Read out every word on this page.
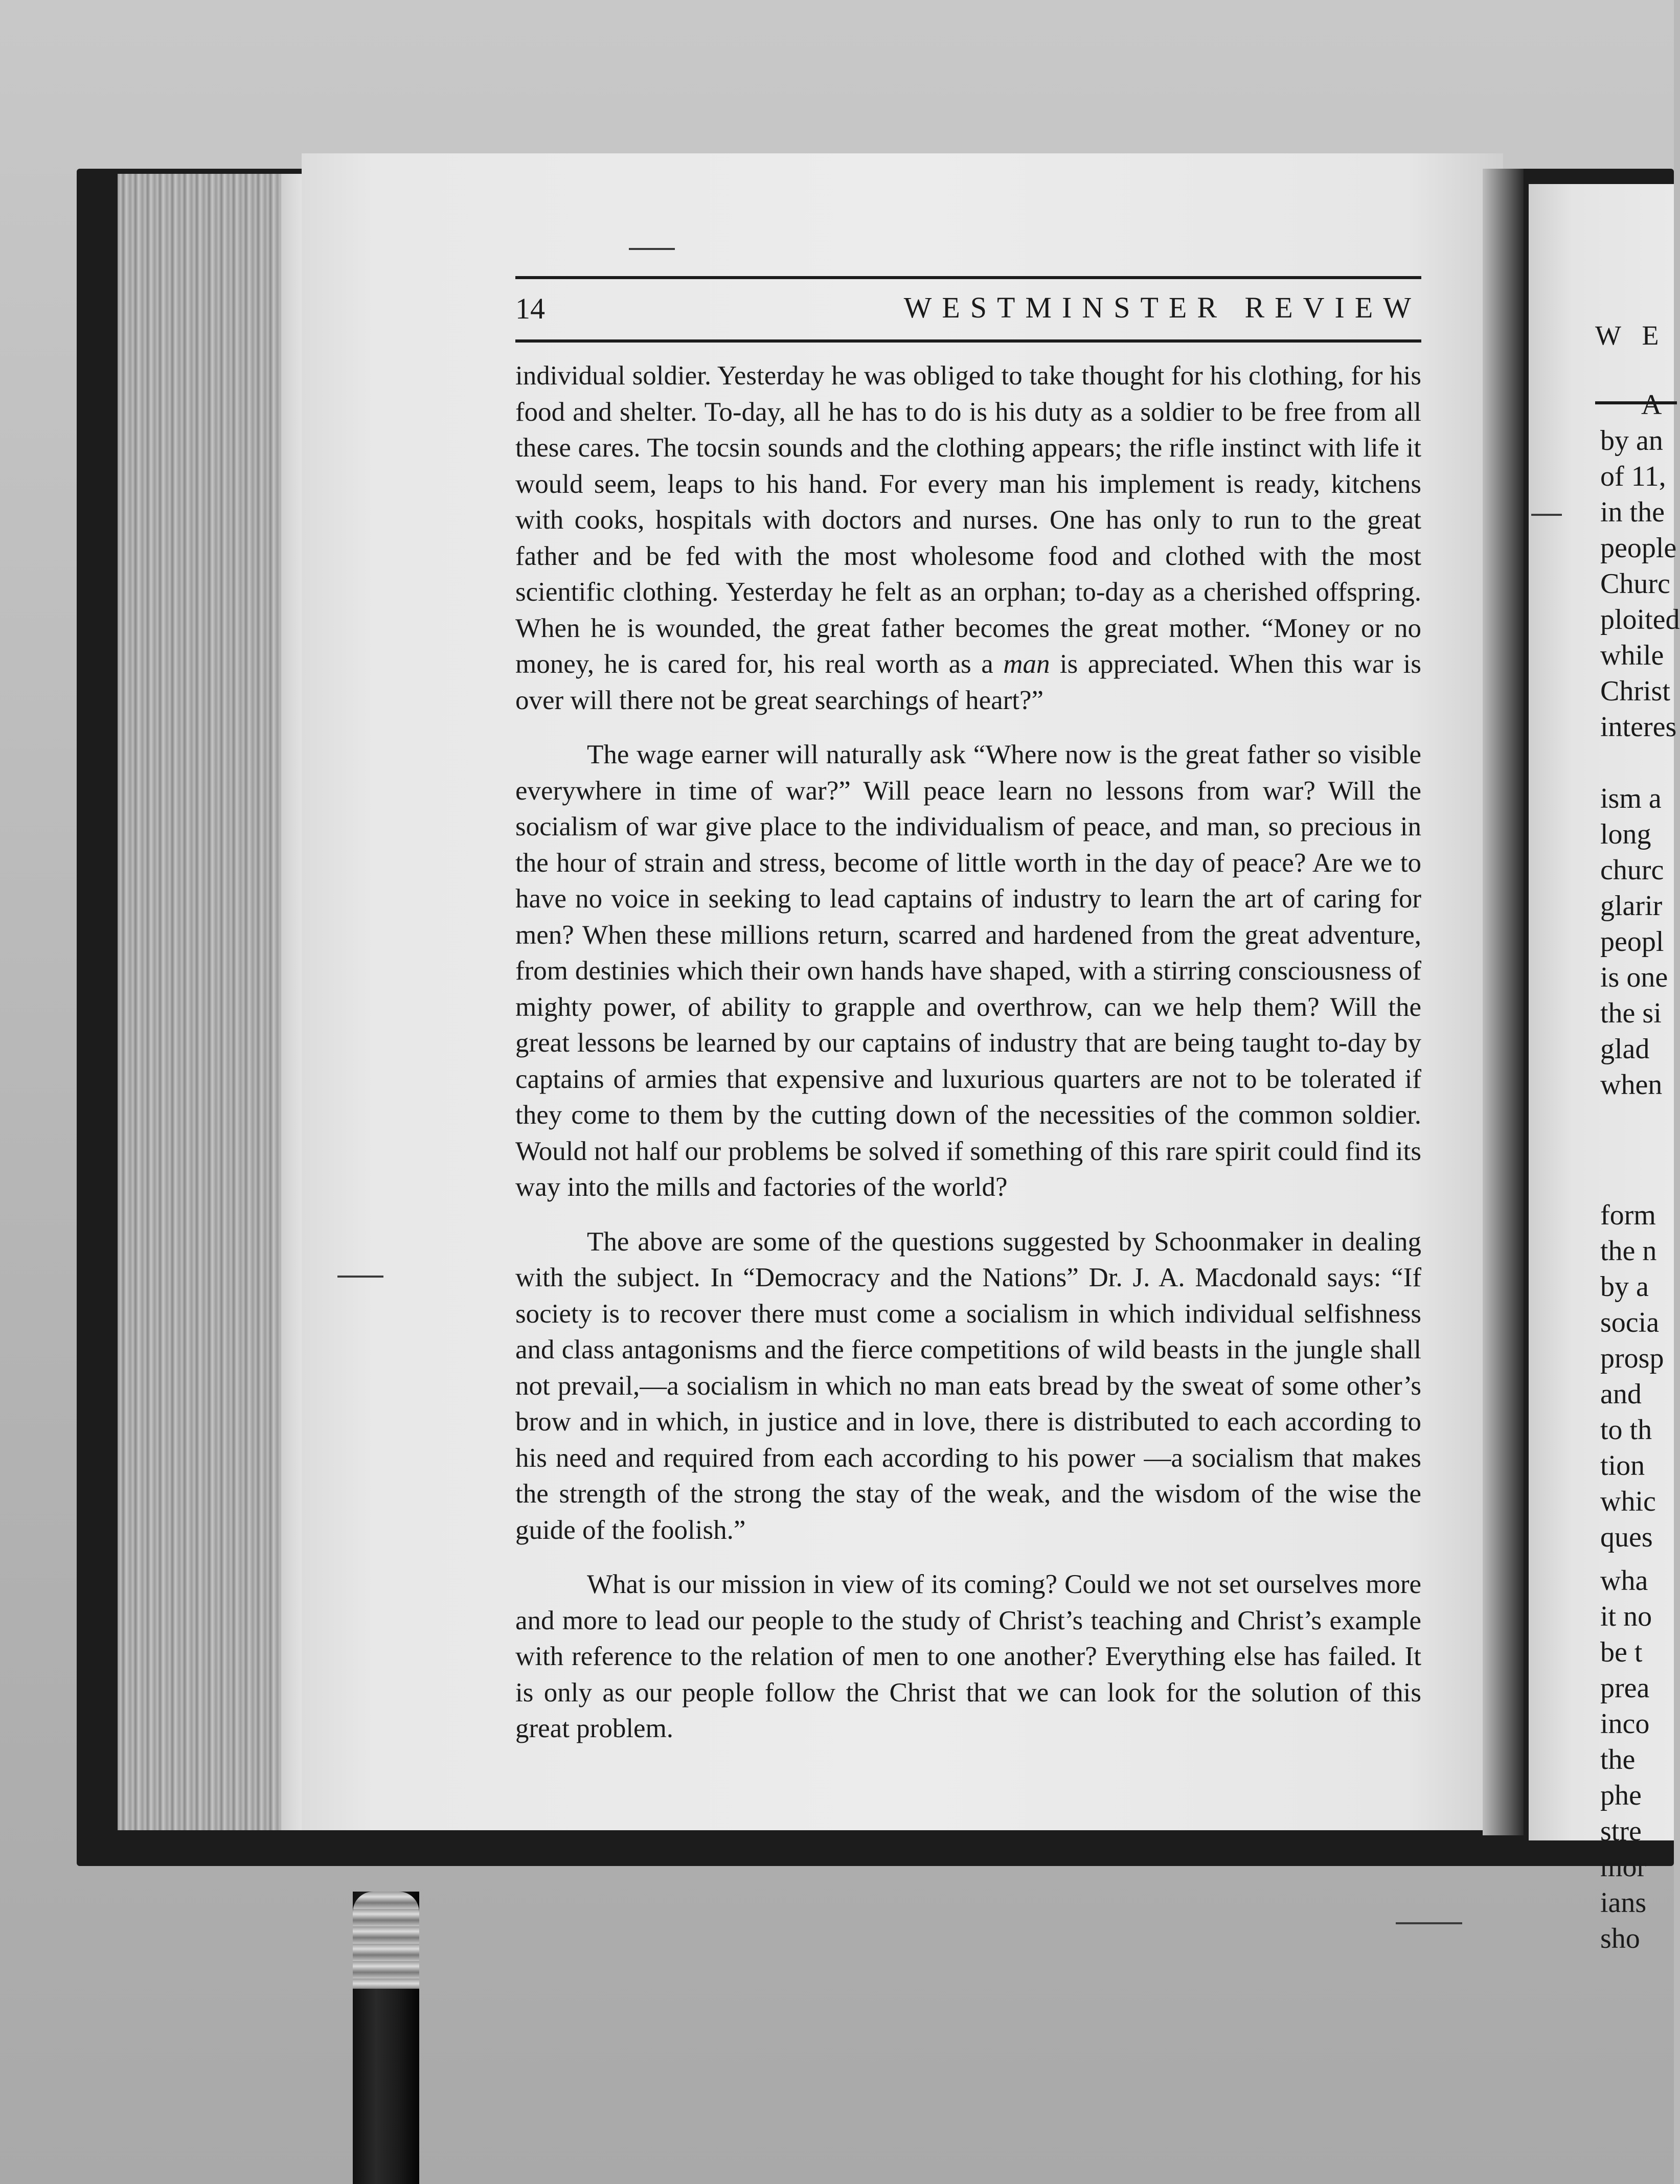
W E
A
by an
of 11,
in the
people
Churc
ploited
while
Christ
interes
ism a
long
churc
glarir
peopl
is one
the si
glad
when
form
the n
by a
socia
prosp
and
to th
tion
whic
ques
wha
it no
be t
prea
inco
the
phe
stre
mor
ians
sho
14	WESTMINSTER REVIEW

individual soldier. Yesterday he was obliged to take thought for his clothing, for his food and shelter. To-day, all he has to do is his duty as a soldier to be free from all these cares. The tocsin sounds and the clothing appears; the rifle instinct with life it would seem, leaps to his hand. For every man his implement is ready, kitchens with cooks, hospitals with doctors and nurses. One has only to run to the great father and be fed with the most wholesome food and clothed with the most scientific clothing. Yesterday he felt as an orphan; to-day as a cherished offspring. When he is wounded, the great father becomes the great mother. “Money or no money, he is cared for, his real worth as a man is appreciated. When this war is over will there not be great searchings of heart?”

The wage earner will naturally ask “Where now is the great father so visible everywhere in time of war?” Will peace learn no lessons from war? Will the socialism of war give place to the individualism of peace, and man, so precious in the hour of strain and stress, become of little worth in the day of peace? Are we to have no voice in seeking to lead captains of industry to learn the art of caring for men? When these millions return, scarred and hardened from the great adventure, from destinies which their own hands have shaped, with a stirring consciousness of mighty power, of ability to grapple and overthrow, can we help them? Will the great lessons be learned by our captains of industry that are being taught to-day by captains of armies that expensive and luxurious quarters are not to be tolerated if they come to them by the cutting down of the necessities of the common soldier. Would not half our problems be solved if something of this rare spirit could find its way into the mills and factories of the world?

The above are some of the questions suggested by Schoonmaker in dealing with the subject. In “Democracy and the Nations” Dr. J. A. Macdonald says: “If society is to recover there must come a socialism in which individual selfishness and class antagonisms and the fierce competitions of wild beasts in the jungle shall not prevail,—a socialism in which no man eats bread by the sweat of some other’s brow and in which, in justice and in love, there is distributed to each according to his need and required from each according to his power —a socialism that makes the strength of the strong the stay of the weak, and the wisdom of the wise the guide of the foolish.”

What is our mission in view of its coming? Could we not set ourselves more and more to lead our people to the study of Christ’s teaching and Christ’s example with reference to the relation of men to one another? Everything else has failed. It is only as our people follow the Christ that we can look for the solution of this great problem.
